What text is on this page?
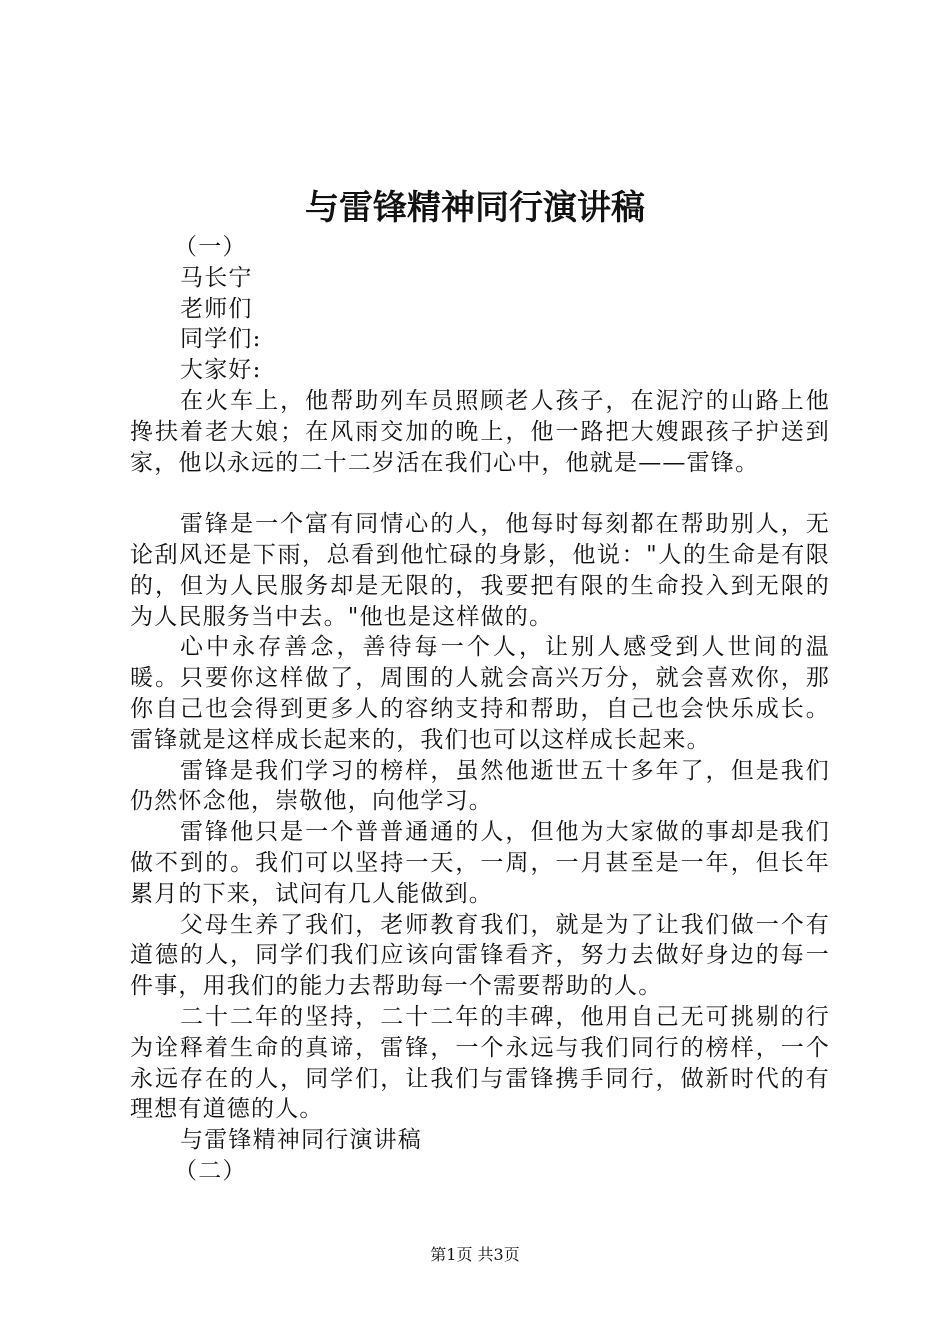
与雷锋精神同行演讲稿

（一）

马长宁

老师们

同学们:

大家好:

在火车上，他帮助列车员照顾老人孩子，在泥泞的山路上他搀扶着老大娘；在风雨交加的晚上，他一路把大嫂跟孩子护送到家，他以永远的二十二岁活在我们心中，他就是——雷锋。

雷锋是一个富有同情心的人，他每时每刻都在帮助别人，无论刮风还是下雨，总看到他忙碌的身影，他说："人的生命是有限的，但为人民服务却是无限的，我要把有限的生命投入到无限的为人民服务当中去。"他也是这样做的。

心中永存善念，善待每一个人，让别人感受到人世间的温暖。只要你这样做了，周围的人就会高兴万分，就会喜欢你，那你自己也会得到更多人的容纳支持和帮助，自己也会快乐成长。雷锋就是这样成长起来的，我们也可以这样成长起来。

雷锋是我们学习的榜样，虽然他逝世五十多年了，但是我们仍然怀念他，崇敬他，向他学习。

雷锋他只是一个普普通通的人，但他为大家做的事却是我们做不到的。我们可以坚持一天，一周，一月甚至是一年，但长年累月的下来，试问有几人能做到。

父母生养了我们，老师教育我们，就是为了让我们做一个有道德的人，同学们我们应该向雷锋看齐，努力去做好身边的每一件事，用我们的能力去帮助每一个需要帮助的人。

二十二年的坚持，二十二年的丰碑，他用自己无可挑剔的行为诠释着生命的真谛，雷锋，一个永远与我们同行的榜样，一个永远存在的人，同学们，让我们与雷锋携手同行，做新时代的有理想有道德的人。

与雷锋精神同行演讲稿

（二）

第1页 共3页
